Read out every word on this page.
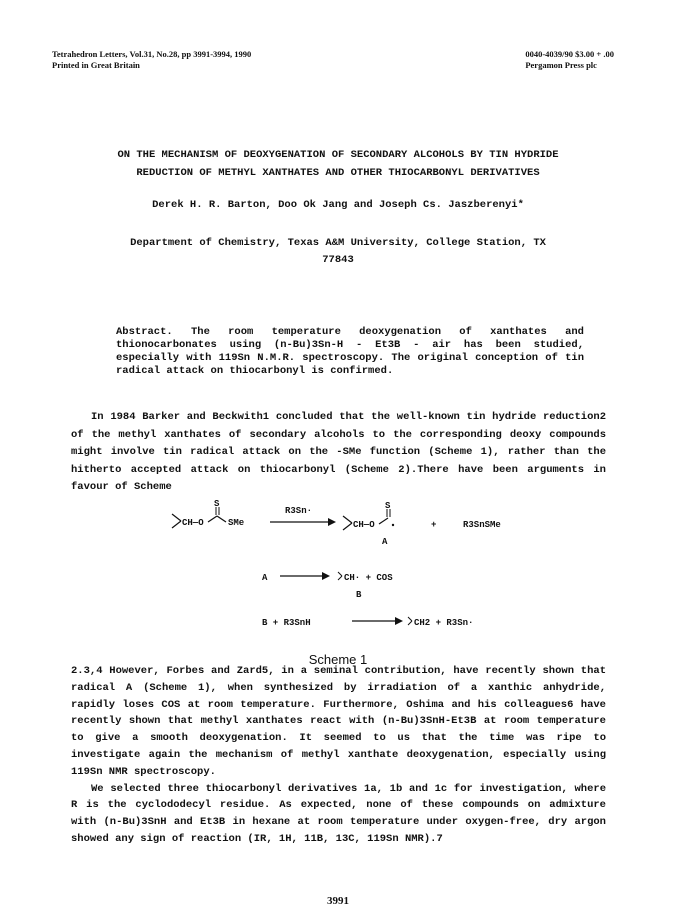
Tetrahedron Letters, Vol.31, No.28, pp 3991-3994, 1990
Printed in Great Britain
0040-4039/90 $3.00 + .00
Pergamon Press plc
ON THE MECHANISM OF DEOXYGENATION OF SECONDARY ALCOHOLS BY TIN HYDRIDE
REDUCTION OF METHYL XANTHATES AND OTHER THIOCARBONYL DERIVATIVES
Derek H. R. Barton, Doo Ok Jang and Joseph Cs. Jaszberenyi*
Department of Chemistry, Texas A&M University, College Station, TX
77843
Abstract. The room temperature deoxygenation of xanthates and thionocarbonates using (n-Bu)3Sn-H - Et3B - air has been studied, especially with 119Sn N.M.R. spectroscopy. The original conception of tin radical attack on thiocarbonyl is confirmed.
In 1984 Barker and Beckwith1 concluded that the well-known tin hydride reduction2 of the methyl xanthates of secondary alcohols to the corresponding deoxy compounds might involve tin radical attack on the -SMe function (Scheme 1), rather than the hitherto accepted attack on thiocarbonyl (Scheme 2).There have been arguments in favour of Scheme
CH—O
S
SMe
R3Sn·
CH—O
S
A
+	R3SnSMe
A	CH· + COS
B
B + R3SnH	CH2 + R3Sn·
Scheme 1
2.3,4 However, Forbes and Zard5, in a seminal contribution, have recently shown that radical A (Scheme 1), when synthesized by irradiation of a xanthic anhydride, rapidly loses COS at room temperature. Furthermore, Oshima and his colleagues6 have recently shown that methyl xanthates react with (n-Bu)3SnH-Et3B at room temperature to give a smooth deoxygenation. It seemed to us that the time was ripe to investigate again the mechanism of methyl xanthate deoxygenation, especially using 119Sn NMR spectroscopy.
We selected three thiocarbonyl derivatives 1a, 1b and 1c for investigation, where R is the cyclododecyl residue. As expected, none of these compounds on admixture with (n-Bu)3SnH and Et3B in hexane at room temperature under oxygen-free, dry argon showed any sign of reaction (IR, 1H, 11B, 13C, 119Sn NMR).7
3991
